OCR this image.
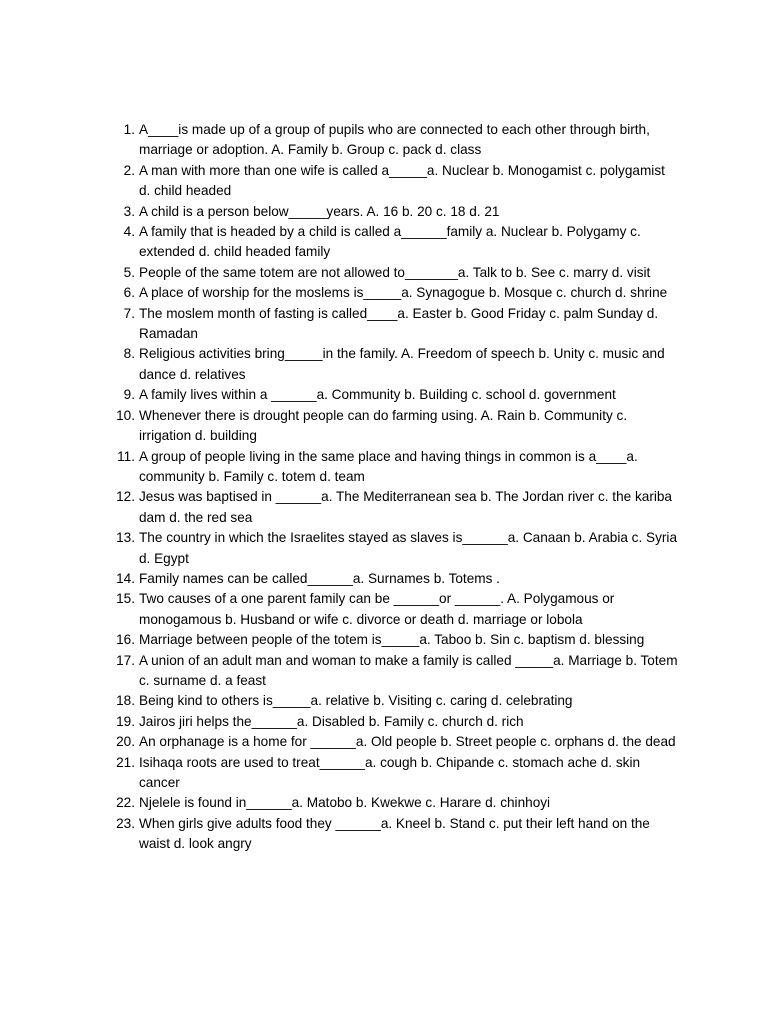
1. A____is made up of a group of pupils who are connected to each other through birth, marriage or adoption. A. Family b. Group c. pack d. class
2. A man with more than one wife is called a_____a. Nuclear b. Monogamist c. polygamist d. child headed
3. A child is a person below_____years. A. 16 b. 20 c. 18 d. 21
4. A family that is headed by a child is called a______family a. Nuclear b. Polygamy c. extended d. child headed family
5. People of the same totem are not allowed to_______a. Talk to b. See c. marry d. visit
6. A place of worship for the moslems is_____a. Synagogue b. Mosque c. church d. shrine
7. The moslem month of fasting is called____a. Easter b. Good Friday c. palm Sunday d. Ramadan
8. Religious activities bring_____in the family. A. Freedom of speech b. Unity c. music and dance d. relatives
9. A family lives within a ______a. Community b. Building c. school d. government
10. Whenever there is drought people can do farming using. A. Rain b. Community c. irrigation d. building
11. A group of people living in the same place and having things in common is a____a. community b. Family c. totem d. team
12. Jesus was baptised in ______a. The Mediterranean sea b. The Jordan river c. the kariba dam d. the red sea
13. The country in which the Israelites stayed as slaves is______a. Canaan b. Arabia c. Syria d. Egypt
14. Family names can be called______a. Surnames b. Totems .
15. Two causes of a one parent family can be ______or ______. A. Polygamous or monogamous b. Husband or wife c. divorce or death d. marriage or lobola
16. Marriage between people of the totem is_____a. Taboo b. Sin c. baptism d. blessing
17. A union of an adult man and woman to make a family is called _____a. Marriage b. Totem c. surname d. a feast
18. Being kind to others is_____a. relative b. Visiting c. caring d. celebrating
19. Jairos jiri helps the______a. Disabled b. Family c. church d. rich
20. An orphanage is a home for ______a. Old people b. Street people c. orphans d. the dead
21. Isihaqa roots are used to treat______a. cough b. Chipande c. stomach ache d. skin cancer
22. Njelele is found in______a. Matobo b. Kwekwe c. Harare d. chinhoyi
23. When girls give adults food they ______a. Kneel b. Stand c. put their left hand on the waist d. look angry
